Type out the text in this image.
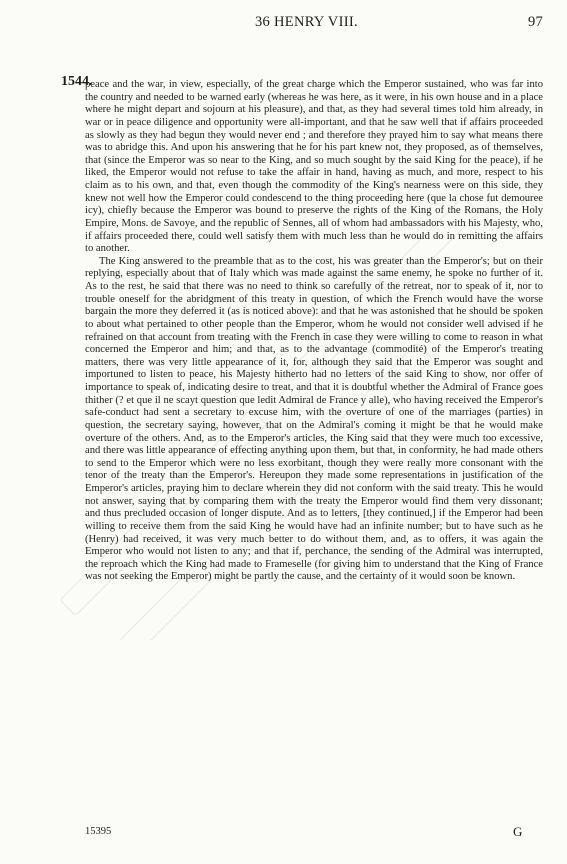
36 HENRY VIII.	97
1544.

peace and the war, in view, especially, of the great charge which the Emperor sustained, who was far into the country and needed to be warned early (whereas he was here, as it were, in his own house and in a place where he might depart and sojourn at his pleasure), and that, as they had several times told him already, in war or in peace diligence and opportunity were all-important, and that he saw well that if affairs proceeded as slowly as they had begun they would never end ; and therefore they prayed him to say what means there was to abridge this. And upon his answering that he for his part knew not, they proposed, as of themselves, that (since the Emperor was so near to the King, and so much sought by the said King for the peace), if he liked, the Emperor would not refuse to take the affair in hand, having as much, and more, respect to his claim as to his own, and that, even though the commodity of the King's nearness were on this side, they knew not well how the Emperor could condescend to the thing proceeding here (que la chose fut demouree icy), chiefly because the Emperor was bound to preserve the rights of the King of the Romans, the Holy Empire, Mons. de Savoye, and the republic of Sennes, all of whom had ambassadors with his Majesty, who, if affairs proceeded there, could well satisfy them with much less than he would do in remitting the affairs to another.

The King answered to the preamble that as to the cost, his was greater than the Emperor's; but on their replying, especially about that of Italy which was made against the same enemy, he spoke no further of it. As to the rest, he said that there was no need to think so carefully of the retreat, nor to speak of it, nor to trouble oneself for the abridgment of this treaty in question, of which the French would have the worse bargain the more they deferred it (as is noticed above): and that he was astonished that he should be spoken to about what pertained to other people than the Emperor, whom he would not consider well advised if he refrained on that account from treating with the French in case they were willing to come to reason in what concerned the Emperor and him; and that, as to the advantage (commodité) of the Emperor's treating matters, there was very little appearance of it, for, although they said that the Emperor was sought and importuned to listen to peace, his Majesty hitherto had no letters of the said King to show, nor offer of importance to speak of, indicating desire to treat, and that it is doubtful whether the Admiral of France goes thither (? et que il ne scayt question que ledit Admiral de France y alle), who having received the Emperor's safe-conduct had sent a secretary to excuse him, with the overture of one of the marriages (parties) in question, the secretary saying, however, that on the Admiral's coming it might be that he would make overture of the others. And, as to the Emperor's articles, the King said that they were much too excessive, and there was little appearance of effecting anything upon them, but that, in conformity, he had made others to send to the Emperor which were no less exorbitant, though they were really more consonant with the tenor of the treaty than the Emperor's. Hereupon they made some representations in justification of the Emperor's articles, praying him to declare wherein they did not conform with the said treaty. This he would not answer, saying that by comparing them with the treaty the Emperor would find them very dissonant; and thus precluded occasion of longer dispute. And as to letters, [they continued,] if the Emperor had been willing to receive them from the said King he would have had an infinite number; but to have such as he (Henry) had received, it was very much better to do without them, and, as to offers, it was again the Emperor who would not listen to any; and that if, perchance, the sending of the Admiral was interrupted, the reproach which the King had made to Frameselle (for giving him to understand that the King of France was not seeking the Emperor) might be partly the cause, and the certainty of it would soon be known.

15395	G
